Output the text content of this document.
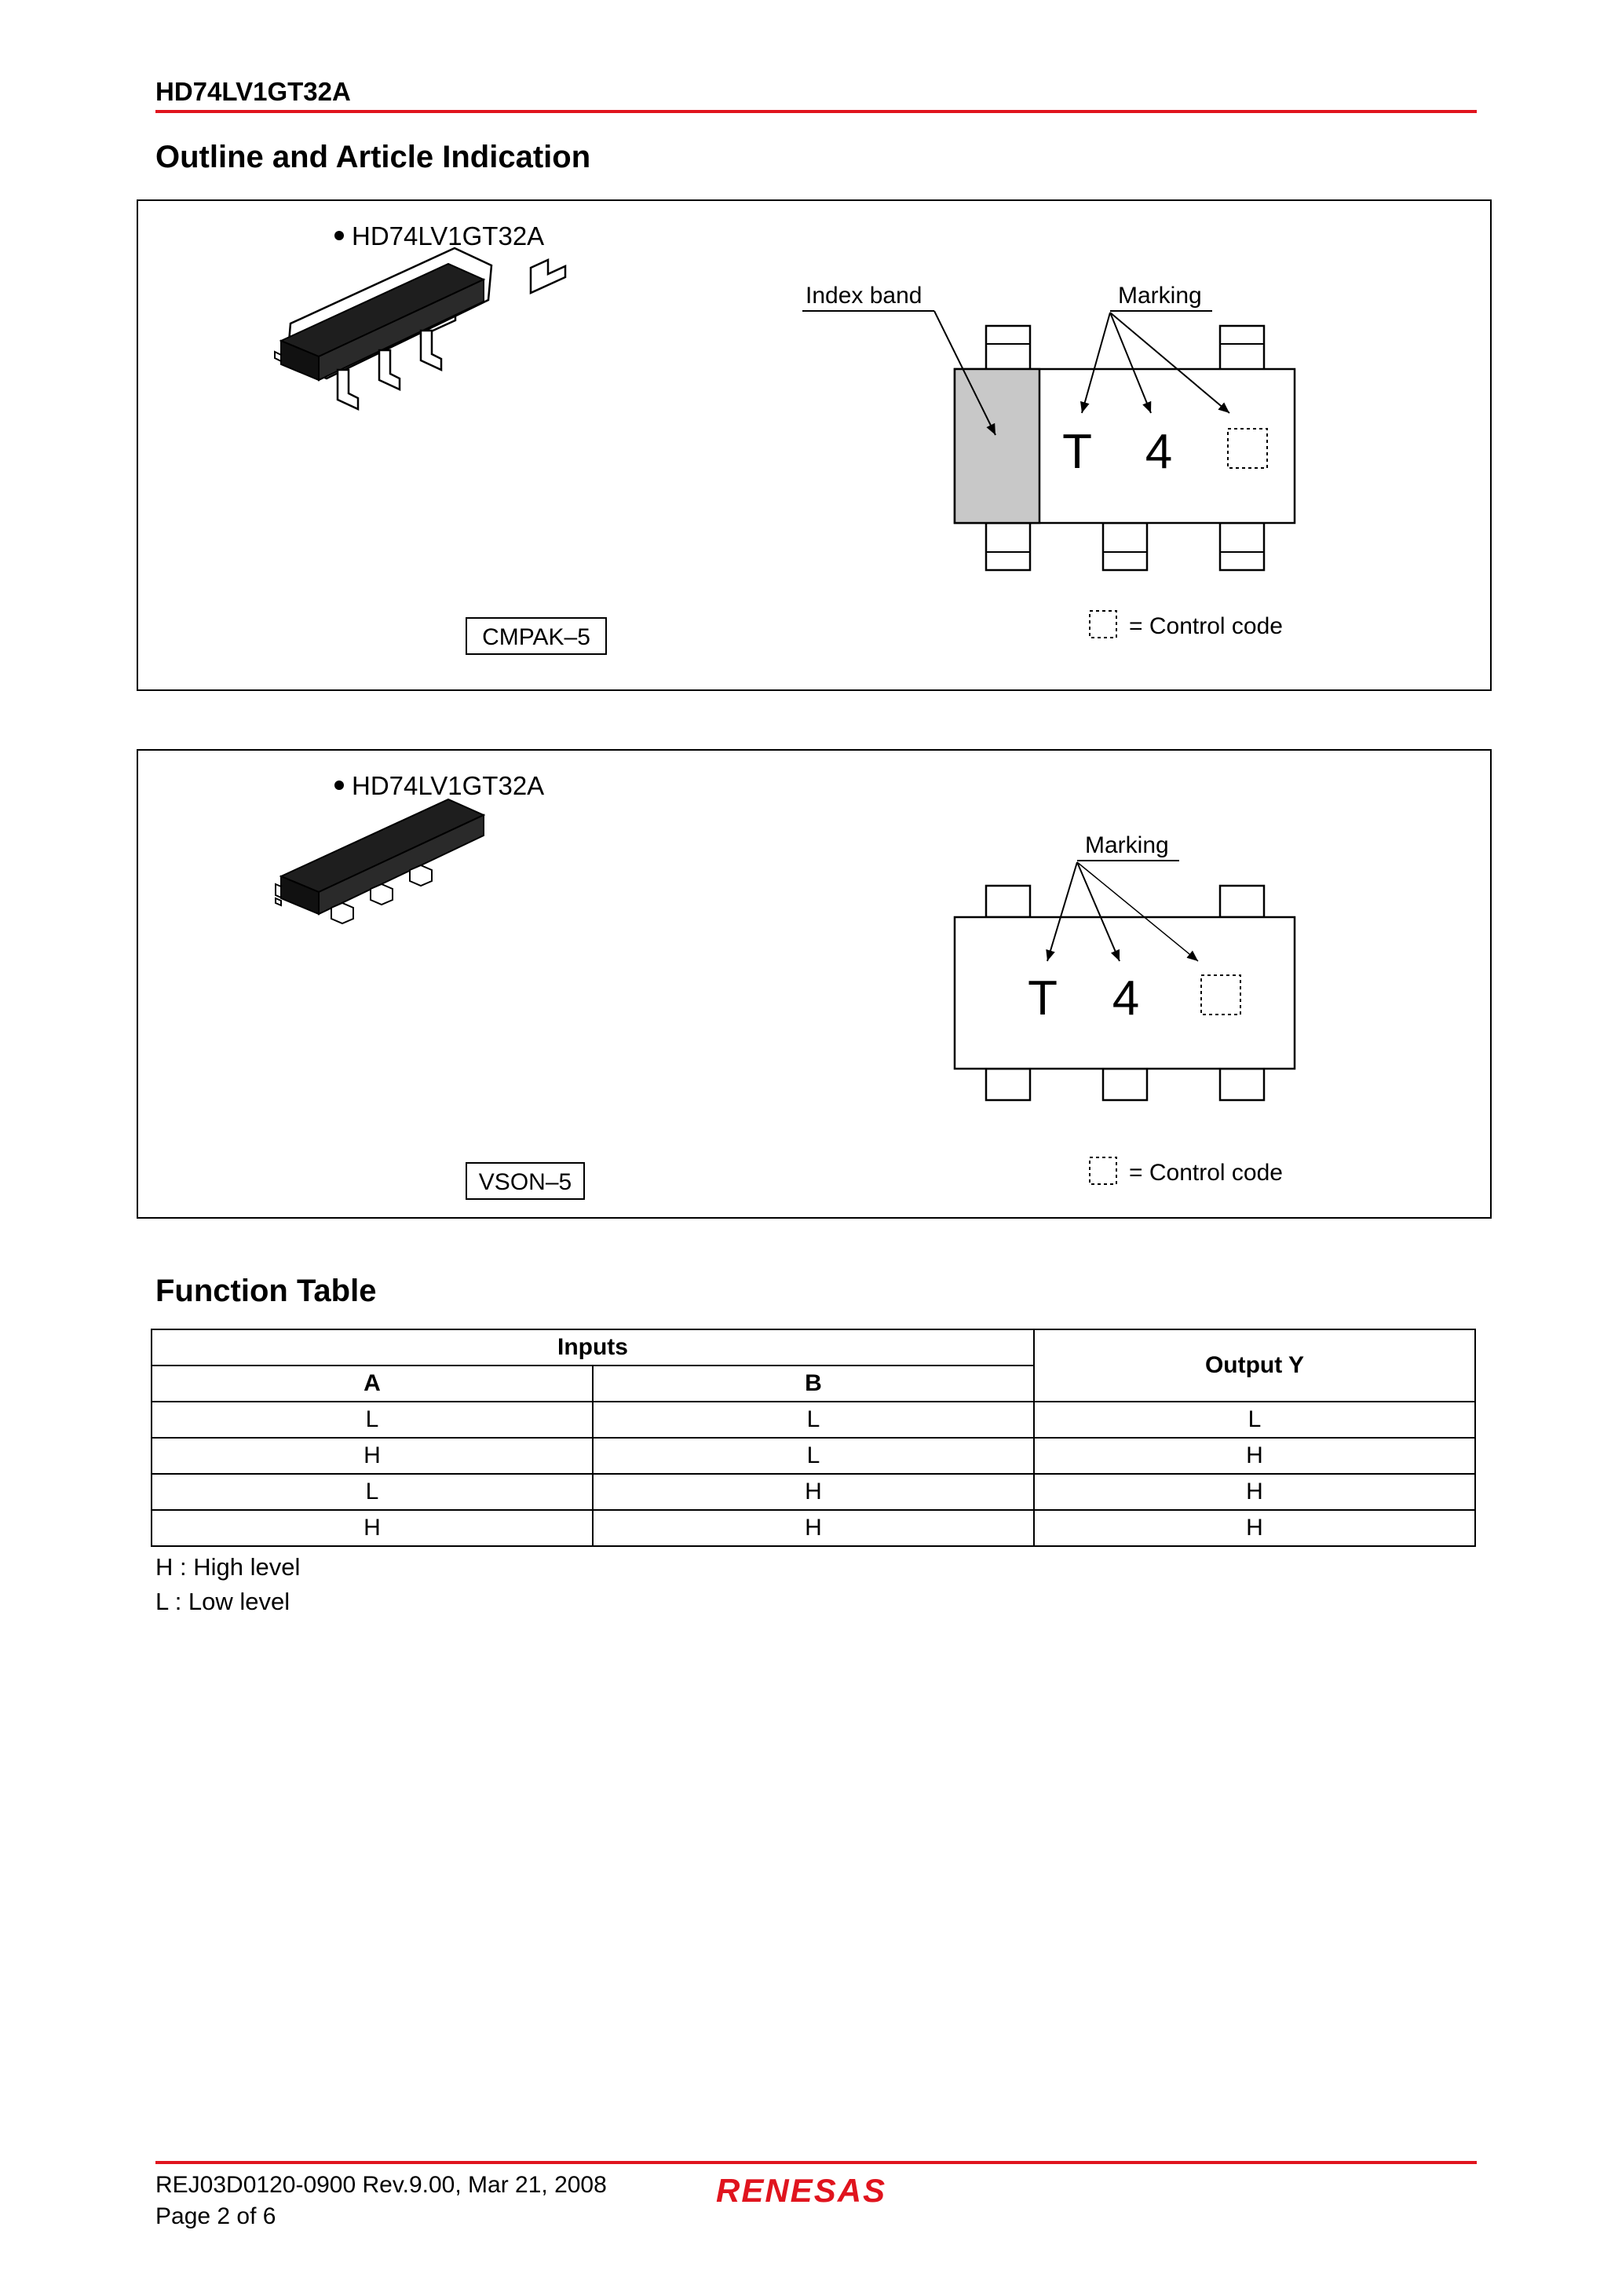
HD74LV1GT32A
Outline and Article Indication
HD74LV1GT32A
CMPAK–5
Index band	Marking
T 4
= Control code
HD74LV1GT32A
VSON–5
Marking
T 4
= Control code
Function Table
Inputs		Output Y
A	B	
L	L	L
H	L	H
L	H	H
H	H	H
H : High level
L : Low level
REJ03D0120-0900 Rev.9.00, Mar 21, 2008
Page 2 of 6
RENESAS
